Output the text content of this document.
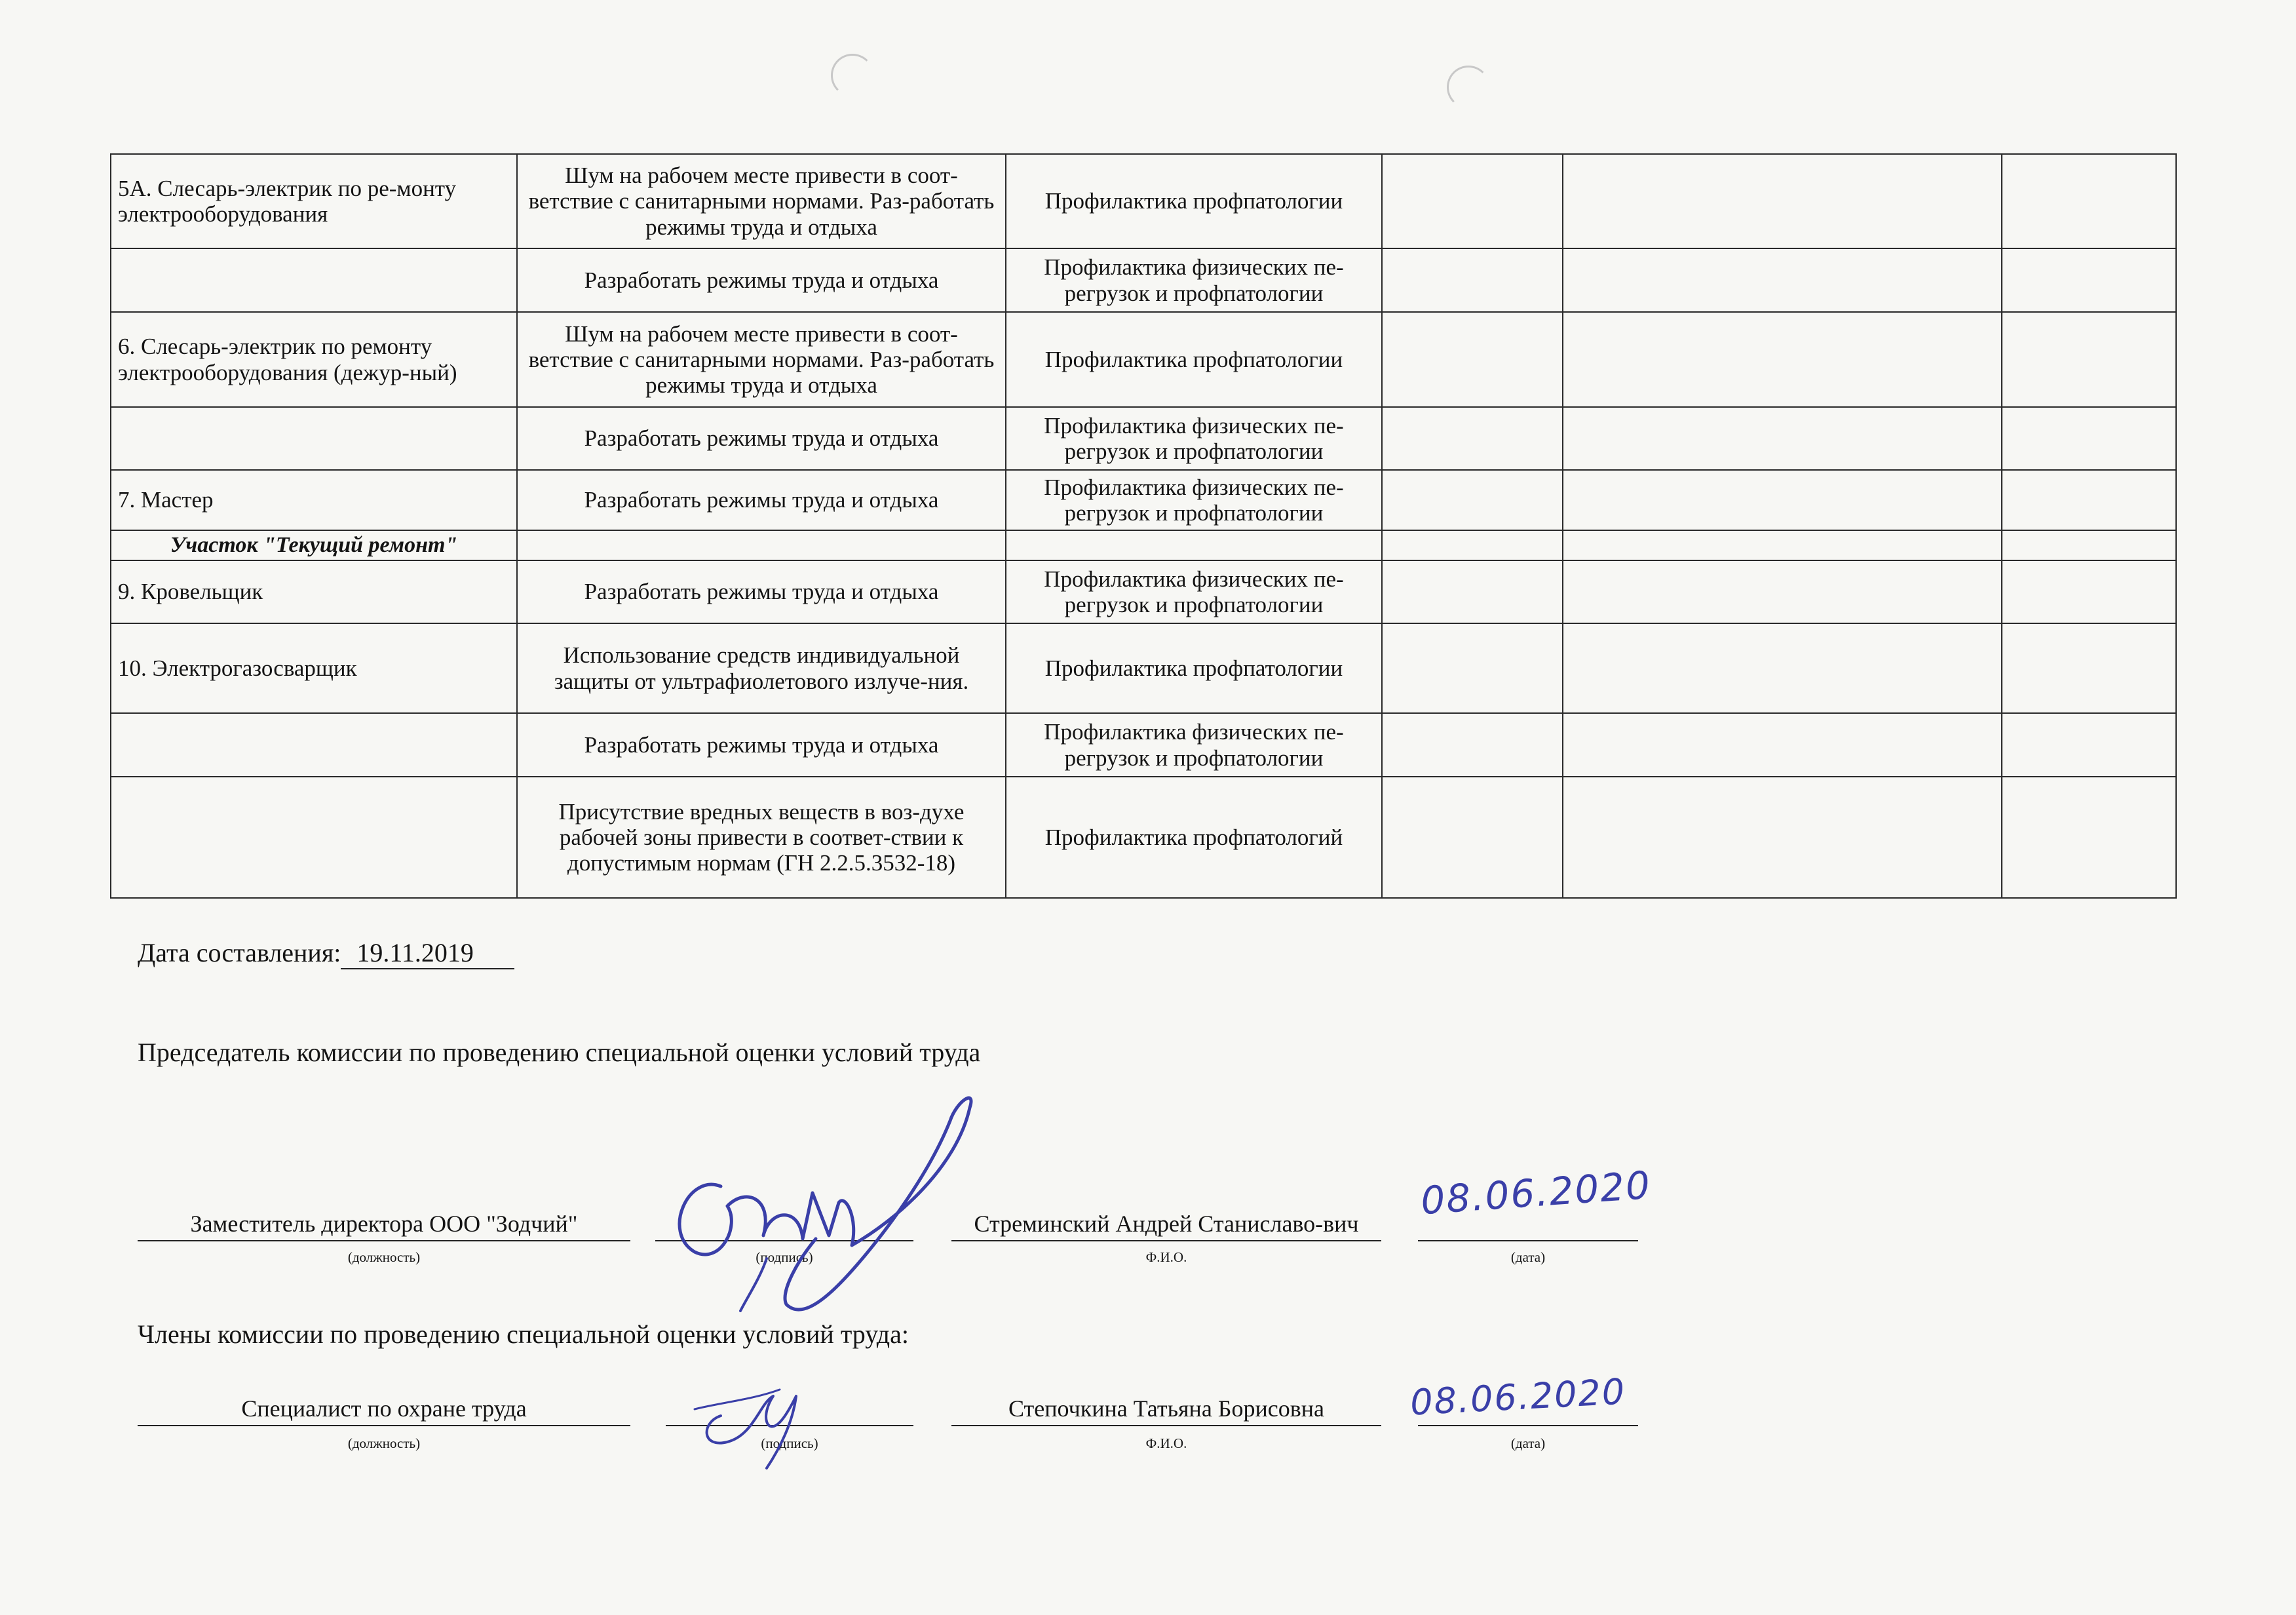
5А. Слесарь-электрик по ре-монту электрооборудования	Шум на рабочем месте привести в соот-ветствие с санитарными нормами. Раз-работать режимы труда и отдыха	Профилактика профпатологии			
	Разработать режимы труда и отдыха	Профилактика физических пе-регрузок и профпатологии			
6. Слесарь-электрик по ремонту электрооборудования (дежур-ный)	Шум на рабочем месте привести в соот-ветствие с санитарными нормами. Раз-работать режимы труда и отдыха	Профилактика профпатологии			
	Разработать режимы труда и отдыха	Профилактика физических пе-регрузок и профпатологии			
7. Мастер	Разработать режимы труда и отдыха	Профилактика физических пе-регрузок и профпатологии			
Участок "Текущий ремонт"					
9. Кровельщик	Разработать режимы труда и отдыха	Профилактика физических пе-регрузок и профпатологии			
10. Электрогазосварщик	Использование средств индивидуальной защиты от ультрафиолетового излуче-ния.	Профилактика профпатологии			
	Разработать режимы труда и отдыха	Профилактика физических пе-регрузок и профпатологии			
	Присутствие вредных веществ в воз-духе рабочей зоны привести в соответ-ствии к допустимым нормам (ГН 2.2.5.3532-18)	Профилактика профпатологий			
Дата составления: 19.11.2019
Председатель комиссии по проведению специальной оценки условий труда
Заместитель директора ООО "Зодчий"	Стреминский Андрей Станиславо-вич
(должность)	(подпись)	Ф.И.О.	(дата)
08.06.2020
Члены комиссии по проведению специальной оценки условий труда:
Специалист по охране труда	Степочкина Татьяна Борисовна
(должность)	(подпись)	Ф.И.О.	(дата)
08.06.2020
